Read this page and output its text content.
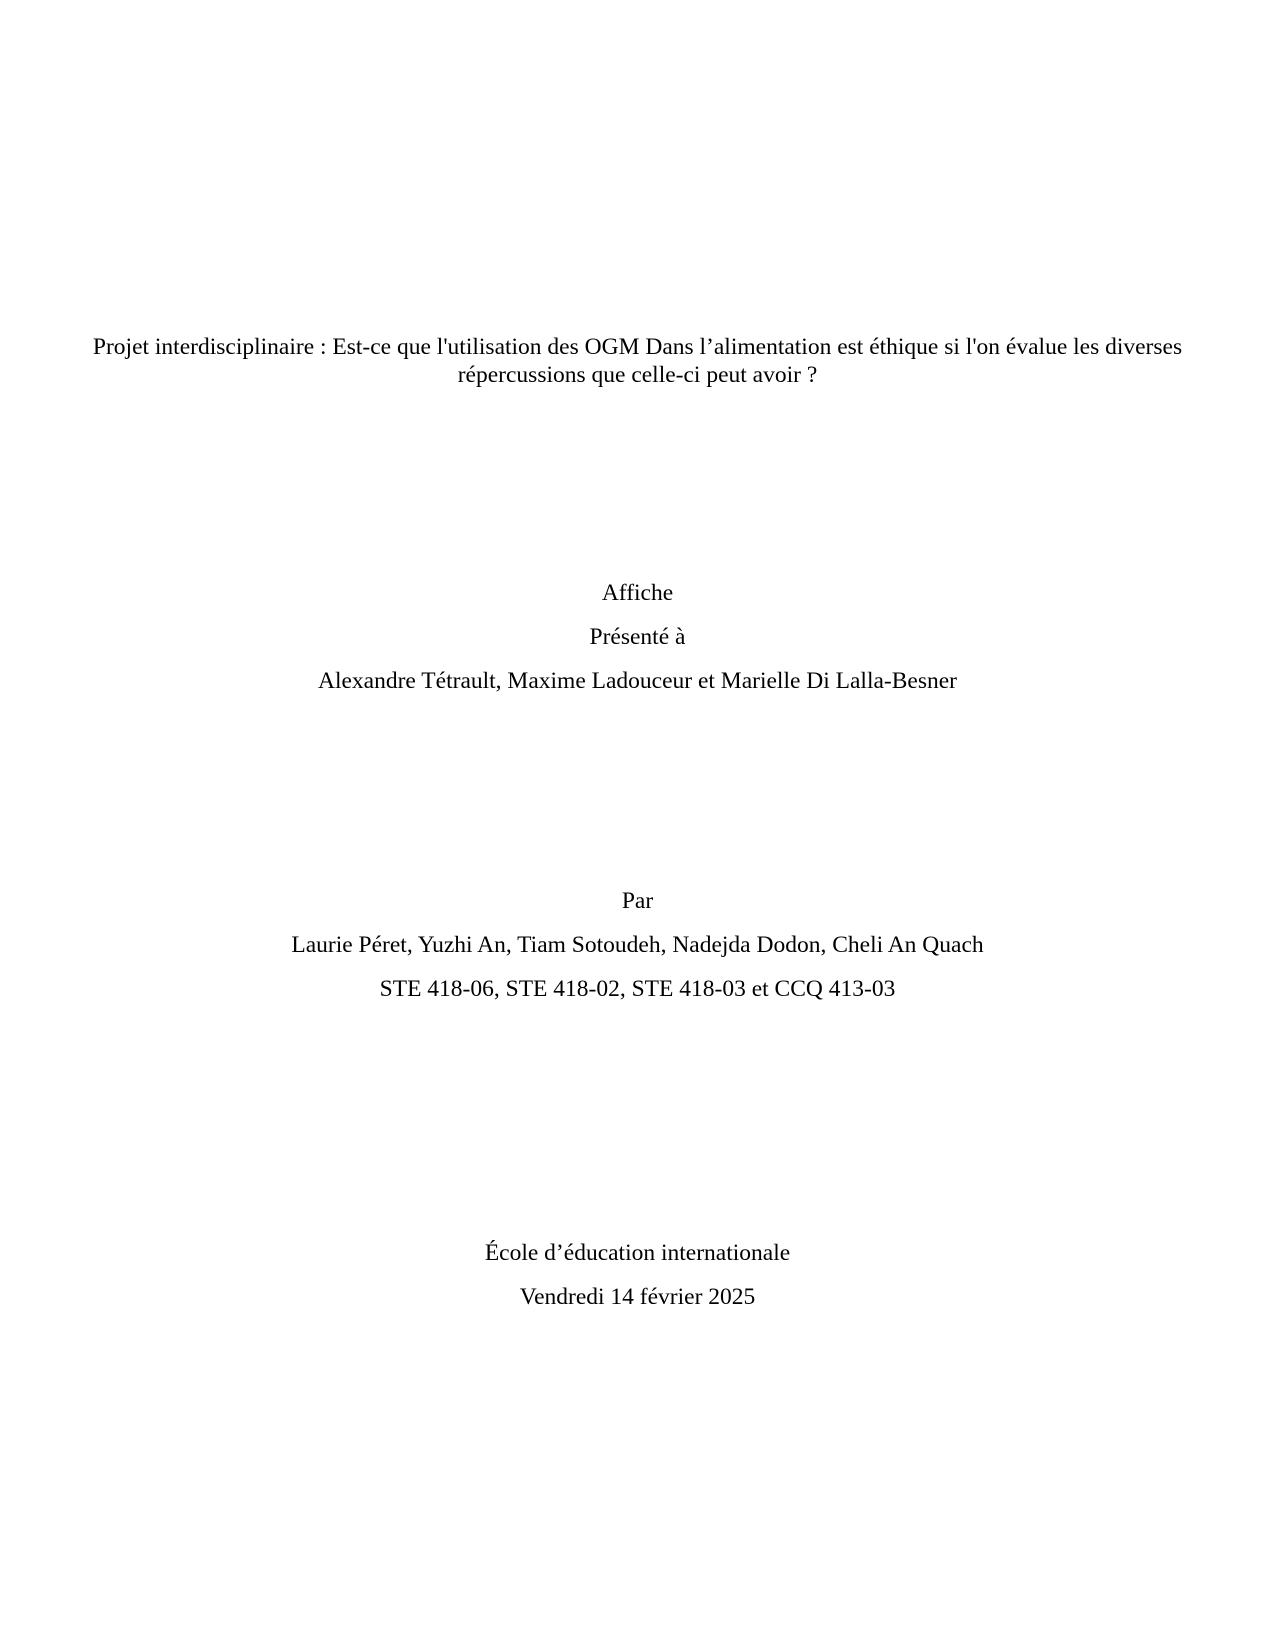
Projet interdisciplinaire : Est-ce que l'utilisation des OGM Dans l’alimentation est éthique si l'on évalue les diverses répercussions que celle-ci peut avoir ?
Affiche
Présenté à
Alexandre Tétrault, Maxime Ladouceur et Marielle Di Lalla-Besner
Par
Laurie Péret, Yuzhi An, Tiam Sotoudeh, Nadejda Dodon, Cheli An Quach
STE 418-06, STE 418-02, STE 418-03 et CCQ 413-03
École d’éducation internationale
Vendredi 14 février 2025
